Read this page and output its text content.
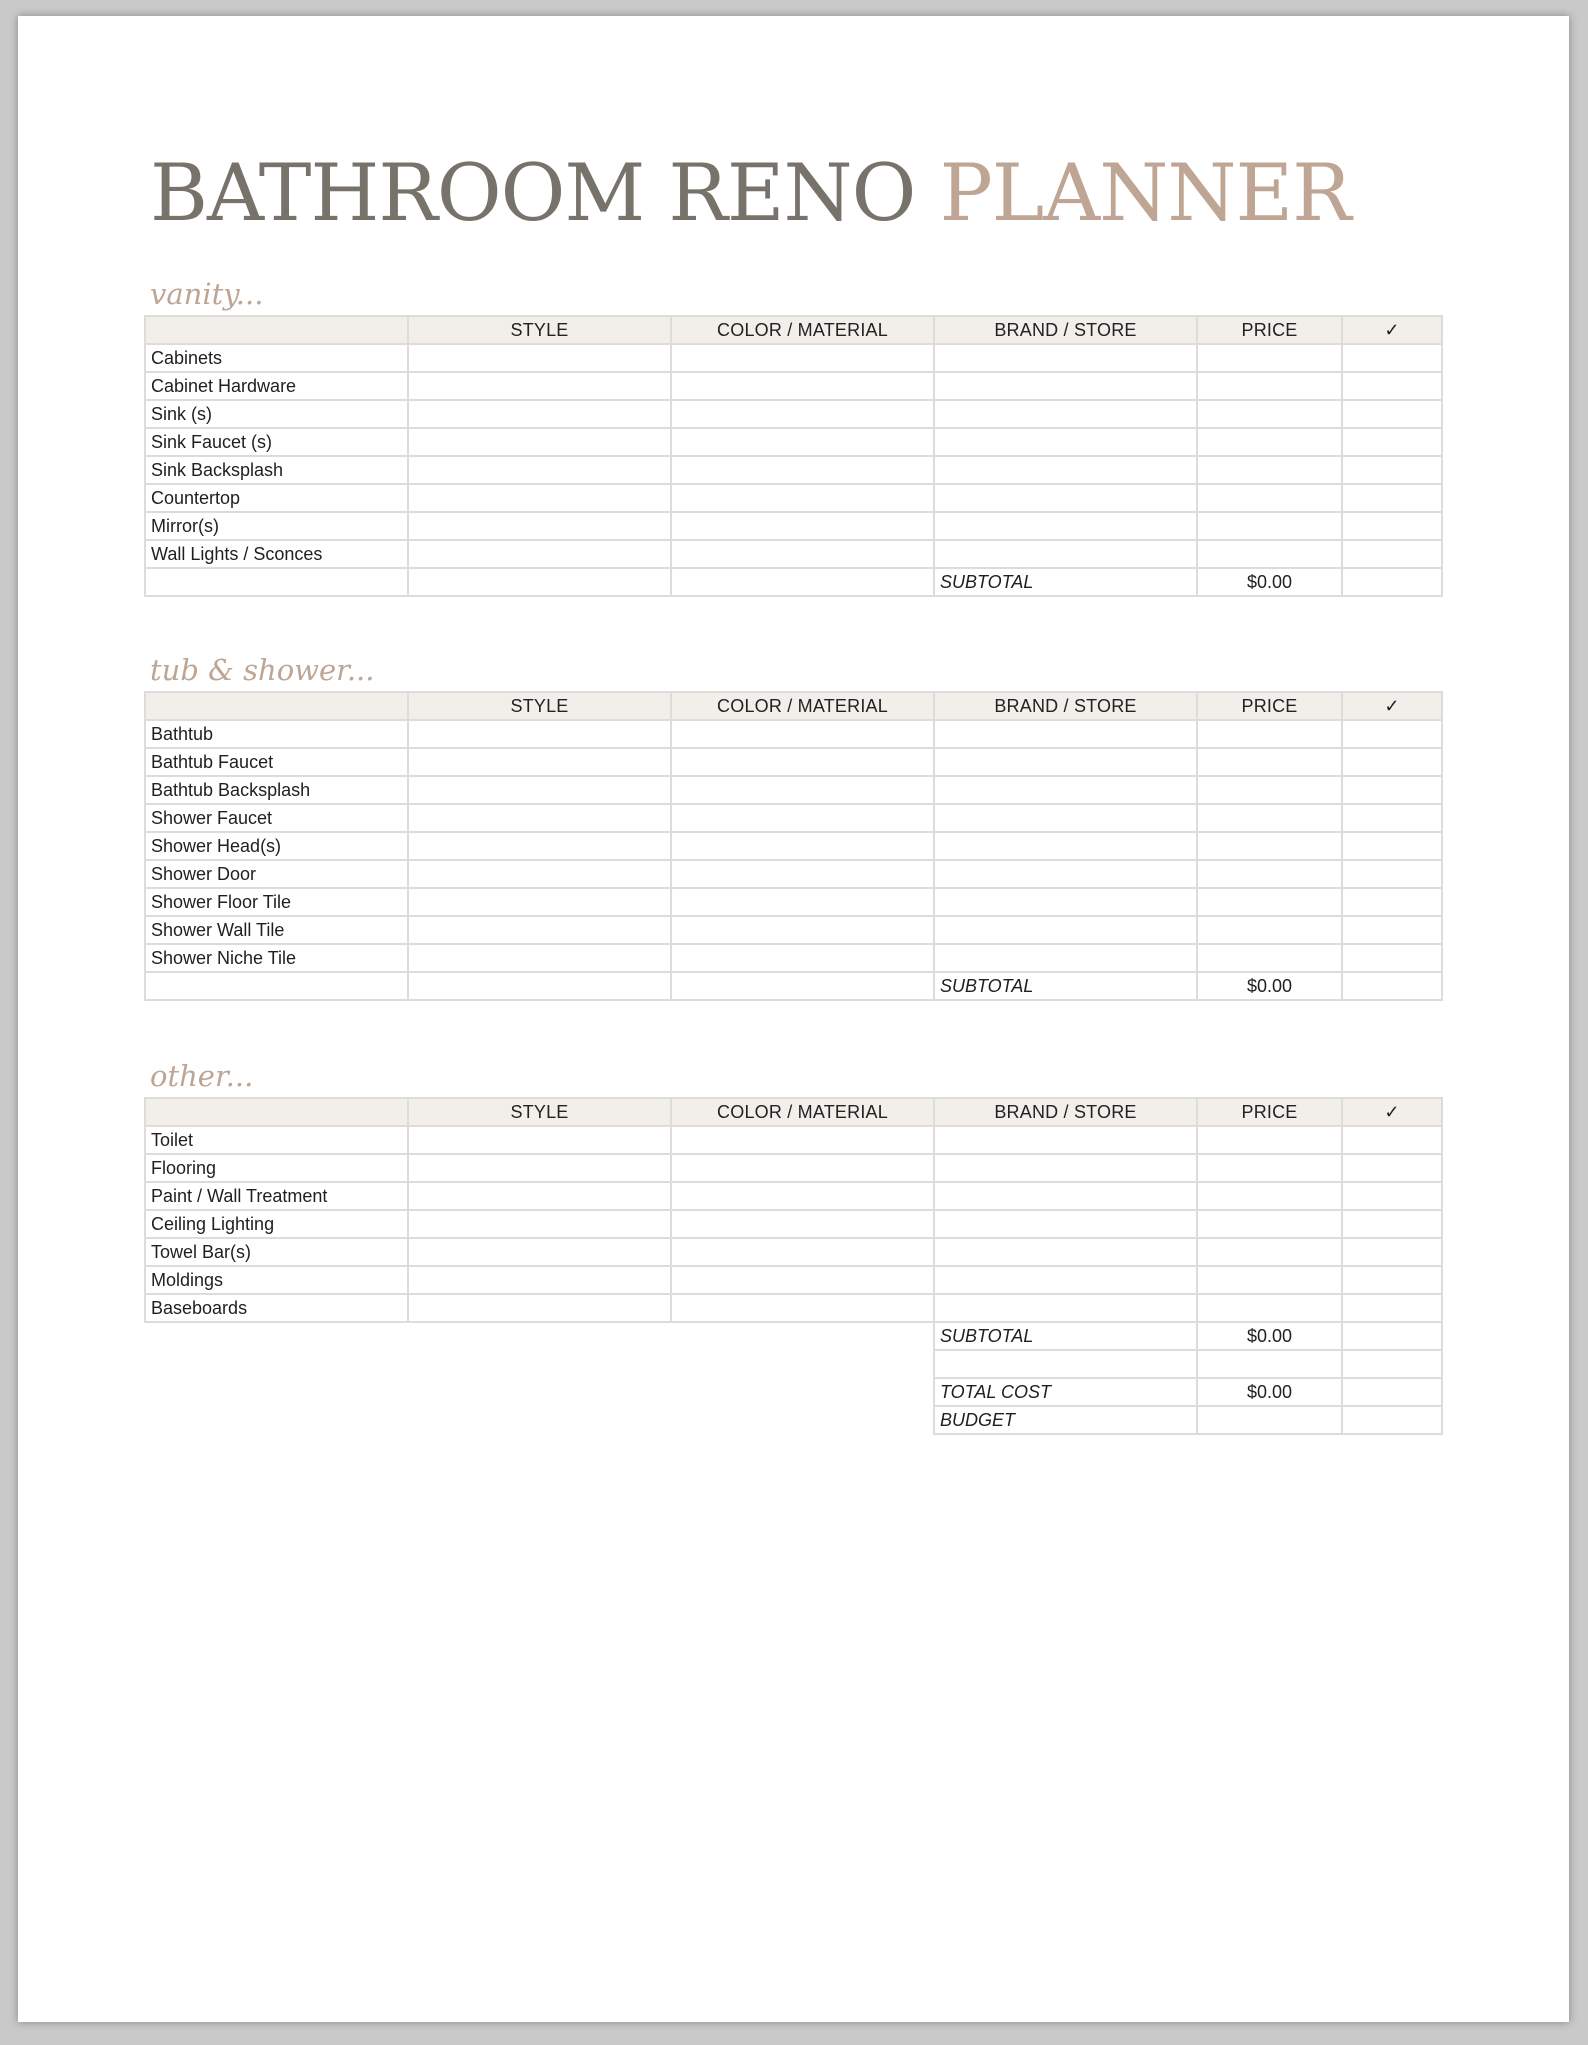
BATHROOM RENO PLANNER
vanity...
	STYLE	COLOR / MATERIAL	BRAND / STORE	PRICE	✓
Cabinets					
Cabinet Hardware					
Sink (s)					
Sink Faucet (s)					
Sink Backsplash					
Countertop					
Mirror(s)					
Wall Lights / Sconces					
			SUBTOTAL	$0.00	
tub & shower...
	STYLE	COLOR / MATERIAL	BRAND / STORE	PRICE	✓
Bathtub					
Bathtub Faucet					
Bathtub Backsplash					
Shower Faucet					
Shower Head(s)					
Shower Door					
Shower Floor Tile					
Shower Wall Tile					
Shower Niche Tile					
			SUBTOTAL	$0.00	
other...
	STYLE	COLOR / MATERIAL	BRAND / STORE	PRICE	✓
Toilet					
Flooring					
Paint / Wall Treatment					
Ceiling Lighting					
Towel Bar(s)					
Moldings					
Baseboards					
			SUBTOTAL	$0.00	

			TOTAL COST	$0.00	
			BUDGET		
